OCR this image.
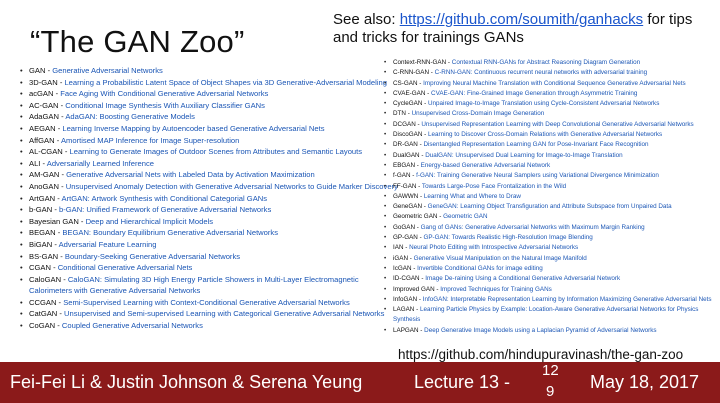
“The GAN Zoo”
See also: https://github.com/soumith/ganhacks for tips and tricks for trainings GANs
• GAN - Generative Adversarial Networks
• 3D-GAN - Learning a Probabilistic Latent Space of Object Shapes via 3D Generative-Adversarial Modeling
• acGAN - Face Aging With Conditional Generative Adversarial Networks
• AC-GAN - Conditional Image Synthesis With Auxiliary Classifier GANs
• AdaGAN - AdaGAN: Boosting Generative Models
• AEGAN - Learning Inverse Mapping by Autoencoder based Generative Adversarial Nets
• AffGAN - Amortised MAP Inference for Image Super-resolution
• AL-CGAN - Learning to Generate Images of Outdoor Scenes from Attributes and Semantic Layouts
• ALI - Adversarially Learned Inference
• AM-GAN - Generative Adversarial Nets with Labeled Data by Activation Maximization
• AnoGAN - Unsupervised Anomaly Detection with Generative Adversarial Networks to Guide Marker Discovery
• ArtGAN - ArtGAN: Artwork Synthesis with Conditional Categorial GANs
• b-GAN - b-GAN: Unified Framework of Generative Adversarial Networks
• Bayesian GAN - Deep and Hierarchical Implicit Models
• BEGAN - BEGAN: Boundary Equilibrium Generative Adversarial Networks
• BiGAN - Adversarial Feature Learning
• BS-GAN - Boundary-Seeking Generative Adversarial Networks
• CGAN - Conditional Generative Adversarial Nets
• CaloGAN - CaloGAN: Simulating 3D High Energy Particle Showers in Multi-Layer Electromagnetic Calorimeters with Generative Adversarial Networks
• CCGAN - Semi-Supervised Learning with Context-Conditional Generative Adversarial Networks
• CatGAN - Unsupervised and Semi-supervised Learning with Categorical Generative Adversarial Networks
• CoGAN - Coupled Generative Adversarial Networks
• Context-RNN-GAN - Contextual RNN-GANs for Abstract Reasoning Diagram Generation
• C-RNN-GAN - C-RNN-GAN: Continuous recurrent neural networks with adversarial training
• CS-GAN - Improving Neural Machine Translation with Conditional Sequence Generative Adversarial Nets
• CVAE-GAN - CVAE-GAN: Fine-Grained Image Generation through Asymmetric Training
• CycleGAN - Unpaired Image-to-Image Translation using Cycle-Consistent Adversarial Networks
• DTN - Unsupervised Cross-Domain Image Generation
• DCGAN - Unsupervised Representation Learning with Deep Convolutional Generative Adversarial Networks
• DiscoGAN - Learning to Discover Cross-Domain Relations with Generative Adversarial Networks
• DR-GAN - Disentangled Representation Learning GAN for Pose-Invariant Face Recognition
• DualGAN - DualGAN: Unsupervised Dual Learning for Image-to-Image Translation
• EBGAN - Energy-based Generative Adversarial Network
• f-GAN - f-GAN: Training Generative Neural Samplers using Variational Divergence Minimization
• FF-GAN - Towards Large-Pose Face Frontalization in the Wild
• GAWWN - Learning What and Where to Draw
• GeneGAN - GeneGAN: Learning Object Transfiguration and Attribute Subspace from Unpaired Data
• Geometric GAN - Geometric GAN
• GoGAN - Gang of GANs: Generative Adversarial Networks with Maximum Margin Ranking
• GP-GAN - GP-GAN: Towards Realistic High-Resolution Image Blending
• IAN - Neural Photo Editing with Introspective Adversarial Networks
• iGAN - Generative Visual Manipulation on the Natural Image Manifold
• IcGAN - Invertible Conditional GANs for image editing
• ID-CGAN - Image De-raining Using a Conditional Generative Adversarial Network
• Improved GAN - Improved Techniques for Training GANs
• InfoGAN - InfoGAN: Interpretable Representation Learning by Information Maximizing Generative Adversarial Nets
• LAGAN - Learning Particle Physics by Example: Location-Aware Generative Adversarial Networks for Physics Synthesis
• LAPGAN - Deep Generative Image Models using a Laplacian Pyramid of Adversarial Networks
https://github.com/hindupuravinash/the-gan-zoo
Fei-Fei Li & Justin Johnson & Serena Yeung	Lecture 13 -
12
9 May 18, 2017
